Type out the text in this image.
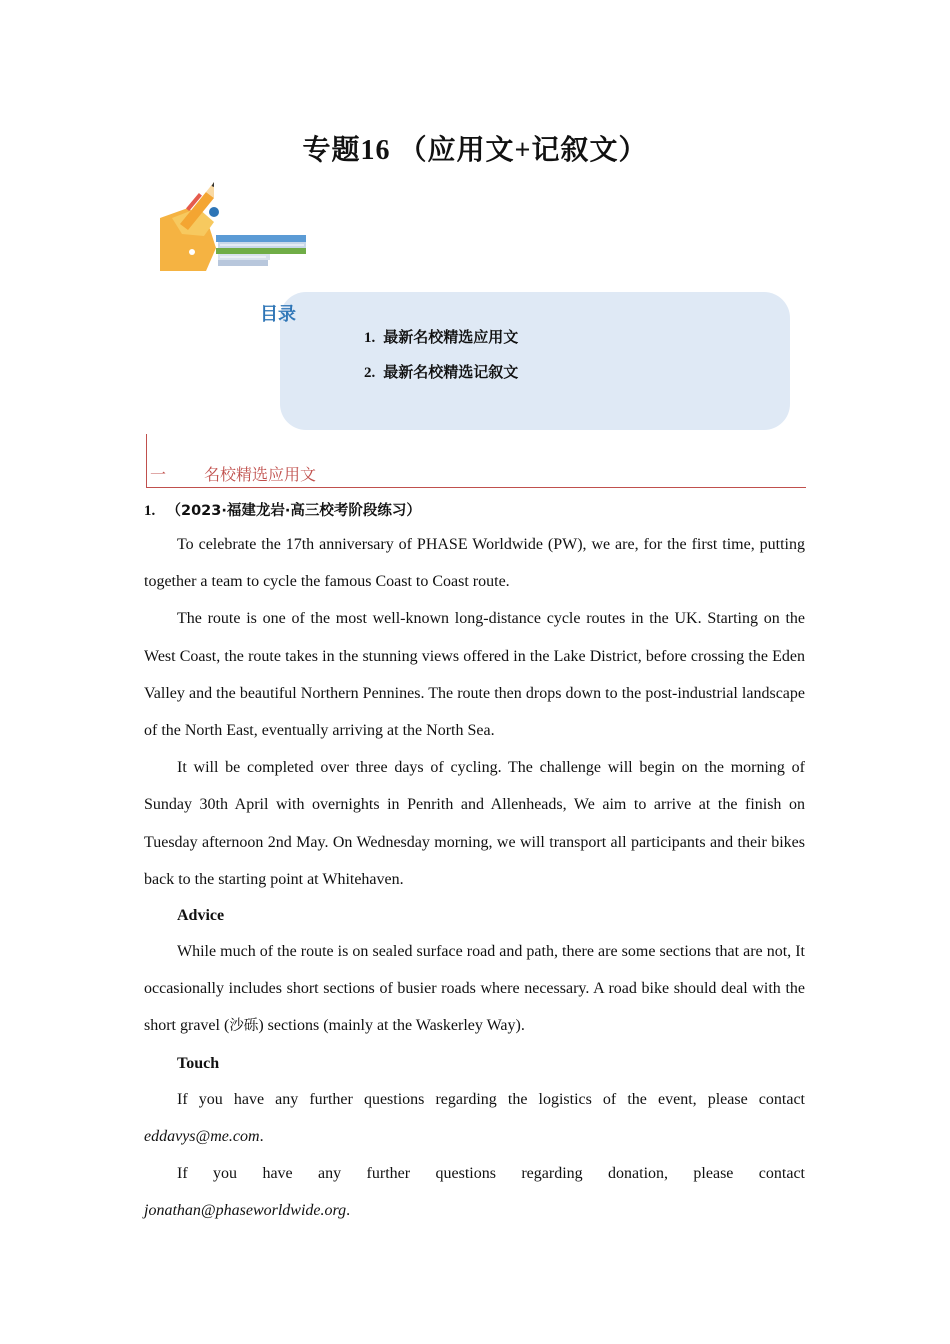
专题16 （应用文+记叙文）
目录
1. 最新名校精选应用文
2. 最新名校精选记叙文
一 名校精选应用文
1. （2023·福建龙岩·高三校考阶段练习）

To celebrate the 17th anniversary of PHASE Worldwide (PW), we are, for the first time, putting together a team to cycle the famous Coast to Coast route.

The route is one of the most well-known long-distance cycle routes in the UK. Starting on the West Coast, the route takes in the stunning views offered in the Lake District, before crossing the Eden Valley and the beautiful Northern Pennines. The route then drops down to the post-industrial landscape of the North East, eventually arriving at the North Sea.

It will be completed over three days of cycling. The challenge will begin on the morning of Sunday 30th April with overnights in Penrith and Allenheads, We aim to arrive at the finish on Tuesday afternoon 2nd May. On Wednesday morning, we will transport all participants and their bikes back to the starting point at Whitehaven.

Advice

While much of the route is on sealed surface road and path, there are some sections that are not, It occasionally includes short sections of busier roads where necessary. A road bike should deal with the short gravel (沙砾) sections (mainly at the Waskerley Way).

Touch

If you have any further questions regarding the logistics of the event, please contact

eddavys@me.com.

If you have any further questions regarding donation, please contact

jonathan@phaseworldwide.org.
